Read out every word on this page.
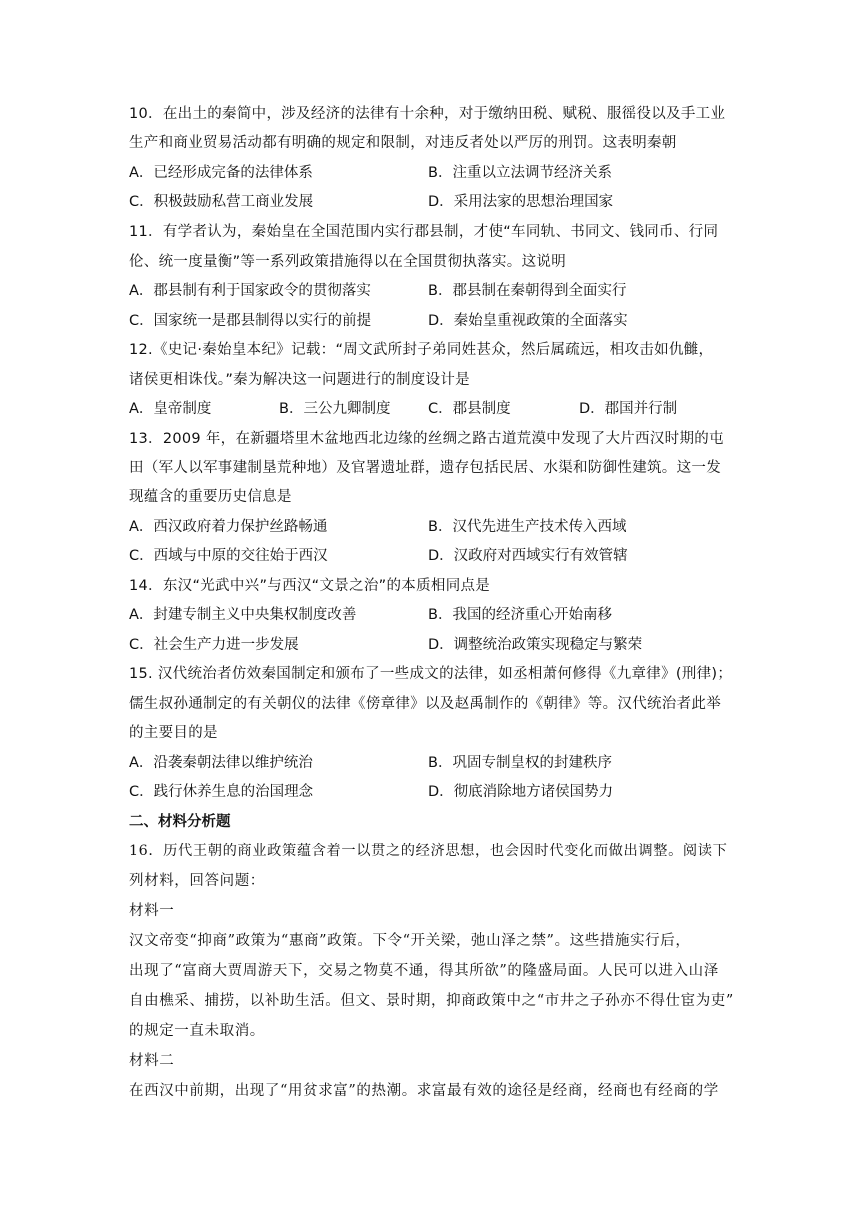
10．在出土的秦简中，涉及经济的法律有十余种，对于缴纳田税、赋税、服徭役以及手工业
生产和商业贸易活动都有明确的规定和限制，对违反者处以严厉的刑罚。这表明秦朝
A．已经形成完备的法律体系	B．注重以立法调节经济关系
C．积极鼓励私营工商业发展	D．采用法家的思想治理国家
11．有学者认为，秦始皇在全国范围内实行郡县制，才使“车同轨、书同文、钱同币、行同
伦、统一度量衡”等一系列政策措施得以在全国贯彻执落实。这说明
A．郡县制有利于国家政令的贯彻落实	B．郡县制在秦朝得到全面实行
C．国家统一是郡县制得以实行的前提	D．秦始皇重视政策的全面落实
12.《史记·秦始皇本纪》记载：“周文武所封子弟同姓甚众，然后属疏远，相攻击如仇雠，
诸侯更相诛伐。”秦为解决这一问题进行的制度设计是
A．皇帝制度	B．三公九卿制度	C．郡县制度	D．郡国并行制
13．2009 年，在新疆塔里木盆地西北边缘的丝绸之路古道荒漠中发现了大片西汉时期的屯
田（军人以军事建制垦荒种地）及官署遗址群，遗存包括民居、水渠和防御性建筑。这一发
现蕴含的重要历史信息是
A．西汉政府着力保护丝路畅通	B．汉代先进生产技术传入西域
C．西域与中原的交往始于西汉	D．汉政府对西域实行有效管辖
14．东汉“光武中兴”与西汉“文景之治”的本质相同点是
A．封建专制主义中央集权制度改善	B．我国的经济重心开始南移
C．社会生产力进一步发展	D．调整统治政策实现稳定与繁荣
15. 汉代统治者仿效秦国制定和颁布了一些成文的法律，如丞相萧何修得《九章律》(刑律)；
儒生叔孙通制定的有关朝仪的法律《傍章律》以及赵禹制作的《朝律》等。汉代统治者此举
的主要目的是
A．沿袭秦朝法律以维护统治	B．巩固专制皇权的封建秩序
C．践行休养生息的治国理念	D．彻底消除地方诸侯国势力
二、材料分析题
16．历代王朝的商业政策蕴含着一以贯之的经济思想，也会因时代变化而做出调整。阅读下
列材料，回答问题：
材料一
汉文帝变“抑商”政策为“惠商”政策。下令“开关梁，弛山泽之禁”。这些措施实行后，
出现了“富商大贾周游天下，交易之物莫不通，得其所欲”的隆盛局面。人民可以进入山泽
自由樵采、捕捞，以补助生活。但文、景时期，抑商政策中之“市井之子孙亦不得仕宦为吏”
的规定一直未取消。
材料二
在西汉中前期，出现了“用贫求富”的热潮。求富最有效的途径是经商，经商也有经商的学
